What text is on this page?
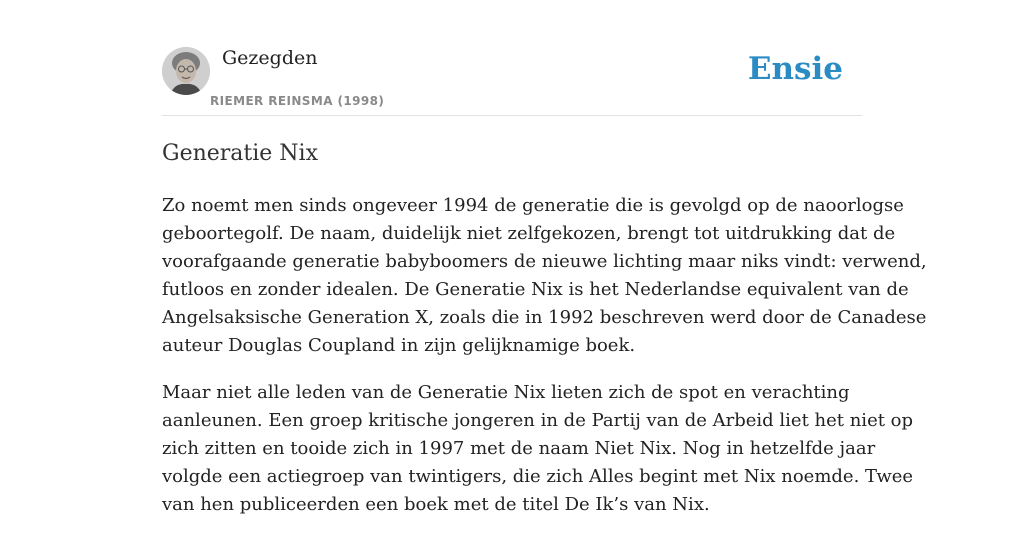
Gezegden
RIEMER REINSMA (1998)
Ensie
Generatie Nix

Zo noemt men sinds ongeveer 1994 de generatie die is gevolgd op de naoorlogse
geboortegolf. De naam, duidelijk niet zelfgekozen, brengt tot uitdrukking dat de
voorafgaande generatie babyboomers de nieuwe lichting maar niks vindt: verwend,
futloos en zonder idealen. De Generatie Nix is het Nederlandse equivalent van de
Angelsaksische Generation X, zoals die in 1992 beschreven werd door de Canadese
auteur Douglas Coupland in zijn gelijknamige boek.

Maar niet alle leden van de Generatie Nix lieten zich de spot en verachting
aanleunen. Een groep kritische jongeren in de Partij van de Arbeid liet het niet op
zich zitten en tooide zich in 1997 met de naam Niet Nix. Nog in hetzelfde jaar
volgde een actiegroep van twintigers, die zich Alles begint met Nix noemde. Twee
van hen publiceerden een boek met de titel De Ik’s van Nix.
